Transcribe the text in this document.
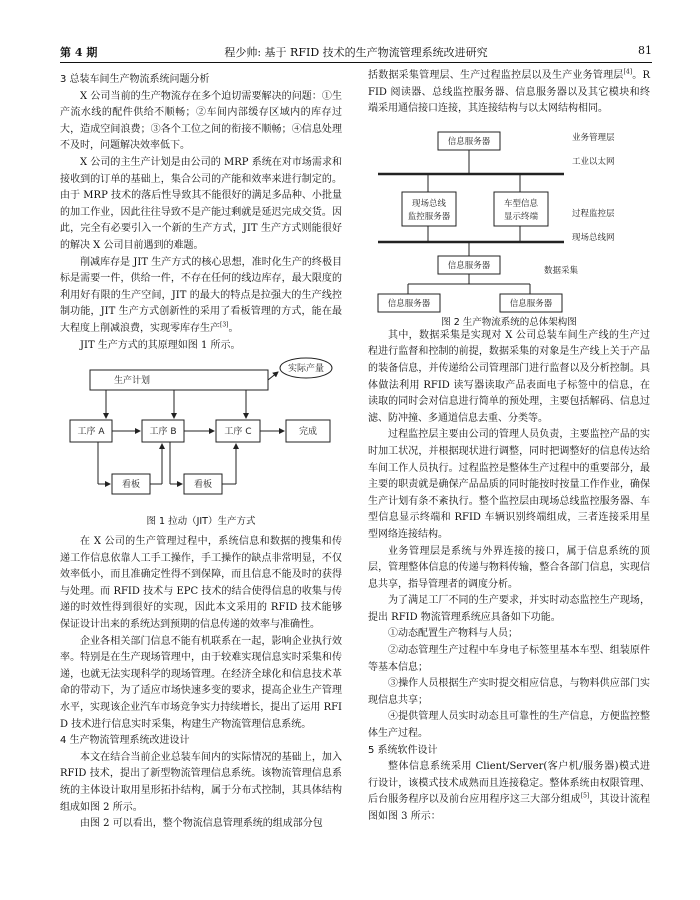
第 4 期	程少帅: 基于 RFID 技术的生产物流管理系统改进研究	81
3 总装车间生产物流系统问题分析

X 公司当前的生产物流存在多个迫切需要解决的问题：①生产流水线的配件供给不顺畅；②车间内部缓存区域内的库存过大，造成空间浪费；③各个工位之间的衔接不顺畅；④信息处理不及时，问题解决效率低下。

X 公司的主生产计划是由公司的 MRP 系统在对市场需求和接收到的订单的基础上，集合公司的产能和效率来进行制定的。由于 MRP 技术的落后性导致其不能很好的满足多品种、小批量的加工作业，因此往往导致不是产能过剩就是延迟完成交货。因此，完全有必要引入一个新的生产方式，JIT 生产方式则能很好的解决 X 公司目前遇到的难题。

削减库存是 JIT 生产方式的核心思想，准时化生产的终极目标是需要一件，供给一件，不存在任何的线边库存，最大限度的利用好有限的生产空间，JIT 的最大的特点是拉强大的生产线控制功能，JIT 生产方式创新性的采用了看板管理的方式，能在最大程度上削减浪费，实现零库存生产[3]。

JIT 生产方式的其原理如图 1 所示。

生产计划
实际产量
工序 A	工序 B	工序 C	完成
看板	看板
图 1 拉动（JIT）生产方式

在 X 公司的生产管理过程中，系统信息和数据的搜集和传递工作信息依靠人工手工操作，手工操作的缺点非常明显，不仅效率低小，而且准确定性得不到保障，而且信息不能及时的获得与处理。而 RFID 技术与 EPC 技术的结合使得信息的收集与传递的时效性得到很好的实现，因此本文采用的 RFID 技术能够保证设计出来的系统达到预期的信息传递的效率与准确性。

企业各相关部门信息不能有机联系在一起，影响企业执行效率。特别是在生产现场管理中，由于较难实现信息实时采集和传递，也就无法实现科学的现场管理。在经济全球化和信息技术革命的带动下，为了适应市场快速多变的要求，提高企业生产管理水平，实现该企业汽车市场竞争实力持续增长，提出了运用 RFID 技术进行信息实时采集，构建生产物流管理信息系统。

4 生产物流管理系统改进设计

本文在结合当前企业总装车间内的实际情况的基础上，加入 RFID 技术，提出了新型物流管理信息系统。该物流管理信息系统的主体设计取用星形拓扑结构，属于分布式控制，其具体结构组成如图 2 所示。

由图 2 可以看出，整个物流信息管理系统的组成部分包

括数据采集管理层、生产过程监控层以及生产业务管理层[4]。RFID 阅读器、总线监控服务器、信息服务器以及其它模块和终端采用通信接口连接，其连接结构与以太网结构相同。

信息服务器	业务管理层
工业以太网
现场总线
监控服务器
车型信息
显示终端	过程监控层
现场总线网
信息服务器	数据采集
信息服务器	信息服务器
图 2 生产物流系统的总体架构图

其中，数据采集是实现对 X 公司总装车间生产线的生产过程进行监督和控制的前提，数据采集的对象是生产线上关于产品的装备信息，并传递给公司管理部门进行监督以及分析控制。具体做法利用 RFID 读写器读取产品表面电子标签中的信息，在读取的同时会对信息进行简单的预处理，主要包括解码、信息过滤、防冲撞、多通道信息去重、分类等。

过程监控层主要由公司的管理人员负责，主要监控产品的实时加工状况，并根据现状进行调整，同时把调整好的信息传达给车间工作人员执行。过程监控是整体生产过程中的重要部分，最主要的职责就是确保产品品质的同时能按时按量工作作业，确保生产计划有条不紊执行。整个监控层由现场总线监控服务器、车型信息显示终端和 RFID 车辆识别终端组成，三者连接采用星型网络连接结构。

业务管理层是系统与外界连接的接口，属于信息系统的顶层，管理整体信息的传递与物料传输，整合各部门信息，实现信息共享，指导管理者的调度分析。

为了满足工厂不同的生产要求，并实时动态监控生产现场，提出 RFID 物流管理系统应具备如下功能。

①动态配置生产物料与人员；

②动态管理生产过程中车身电子标签里基本车型、组装原件等基本信息；

③操作人员根据生产实时提交相应信息，与物料供应部门实现信息共享；

④提供管理人员实时动态且可靠性的生产信息，方便监控整体生产过程。

5 系统软件设计

整体信息系统采用 Client/Server(客户机/服务器)模式进行设计，该模式技术成熟而且连接稳定。整体系统由权限管理、后台服务程序以及前台应用程序这三大部分组成[5]，其设计流程图如图 3 所示：
